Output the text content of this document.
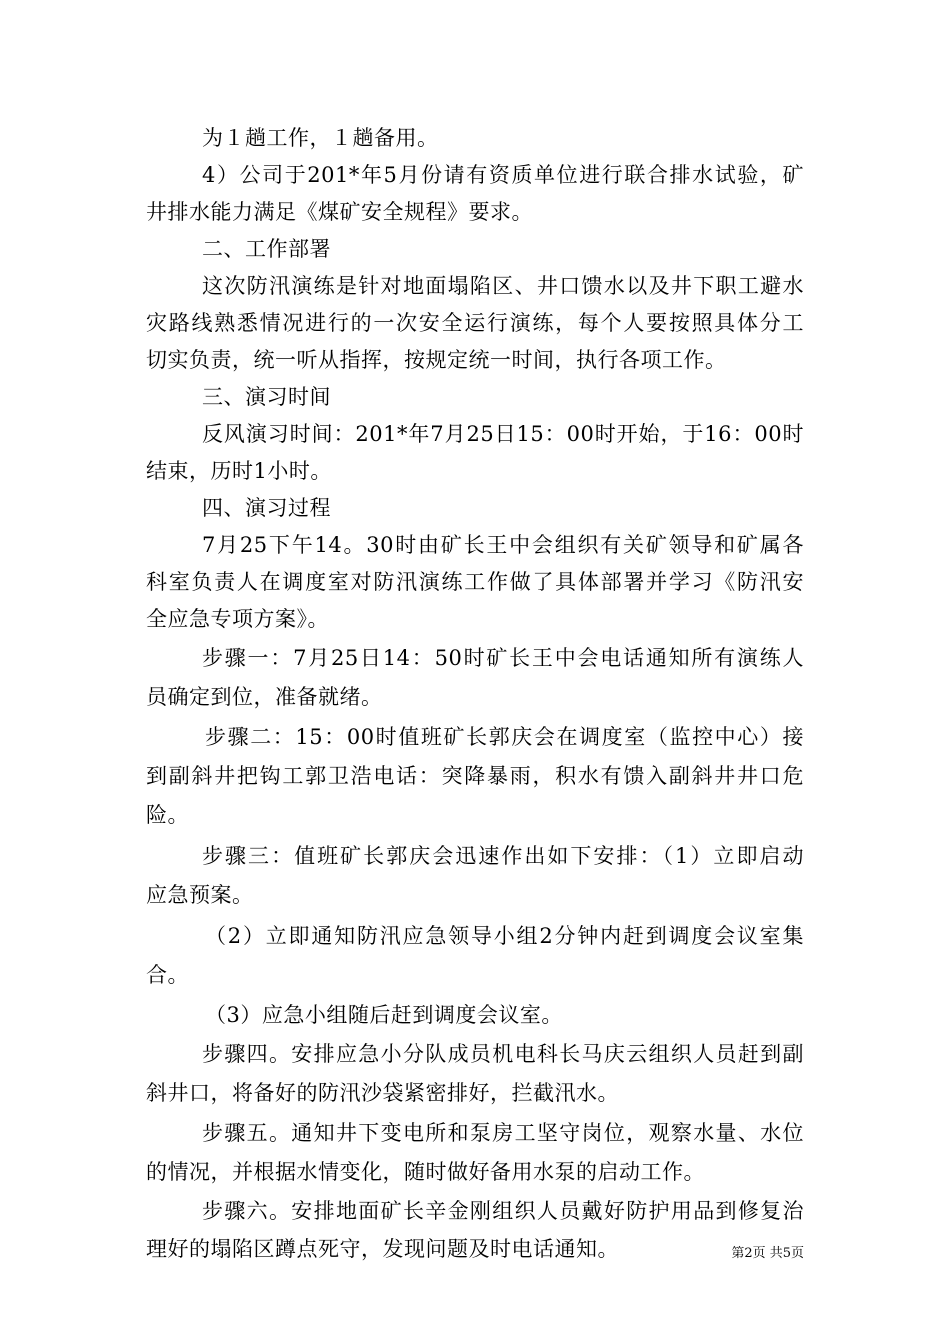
为１趟工作，１趟备用。
4）公司于201*年5月份请有资质单位进行联合排水试验，矿
井排水能力满足《煤矿安全规程》要求。
二、工作部署
这次防汛演练是针对地面塌陷区、井口馈水以及井下职工避水
灾路线熟悉情况进行的一次安全运行演练，每个人要按照具体分工
切实负责，统一听从指挥，按规定统一时间，执行各项工作。
三、演习时间
反风演习时间：201*年7月25日15：00时开始，于16：00时
结束，历时1小时。
四、演习过程
7月25下午14。30时由矿长王中会组织有关矿领导和矿属各
科室负责人在调度室对防汛演练工作做了具体部署并学习《防汛安
全应急专项方案》。
步骤一：7月25日14：50时矿长王中会电话通知所有演练人
员确定到位，准备就绪。
步骤二：15：00时值班矿长郭庆会在调度室（监控中心）接
到副斜井把钩工郭卫浩电话：突降暴雨，积水有馈入副斜井井口危
险。
步骤三：值班矿长郭庆会迅速作出如下安排：（1）立即启动
应急预案。
（2）立即通知防汛应急领导小组2分钟内赶到调度会议室集
合。
（3）应急小组随后赶到调度会议室。
步骤四。安排应急小分队成员机电科长马庆云组织人员赶到副
斜井口，将备好的防汛沙袋紧密排好，拦截汛水。
步骤五。通知井下变电所和泵房工坚守岗位，观察水量、水位
的情况，并根据水情变化，随时做好备用水泵的启动工作。
步骤六。安排地面矿长辛金刚组织人员戴好防护用品到修复治
理好的塌陷区蹲点死守，发现问题及时电话通知。	第2页 共5页
